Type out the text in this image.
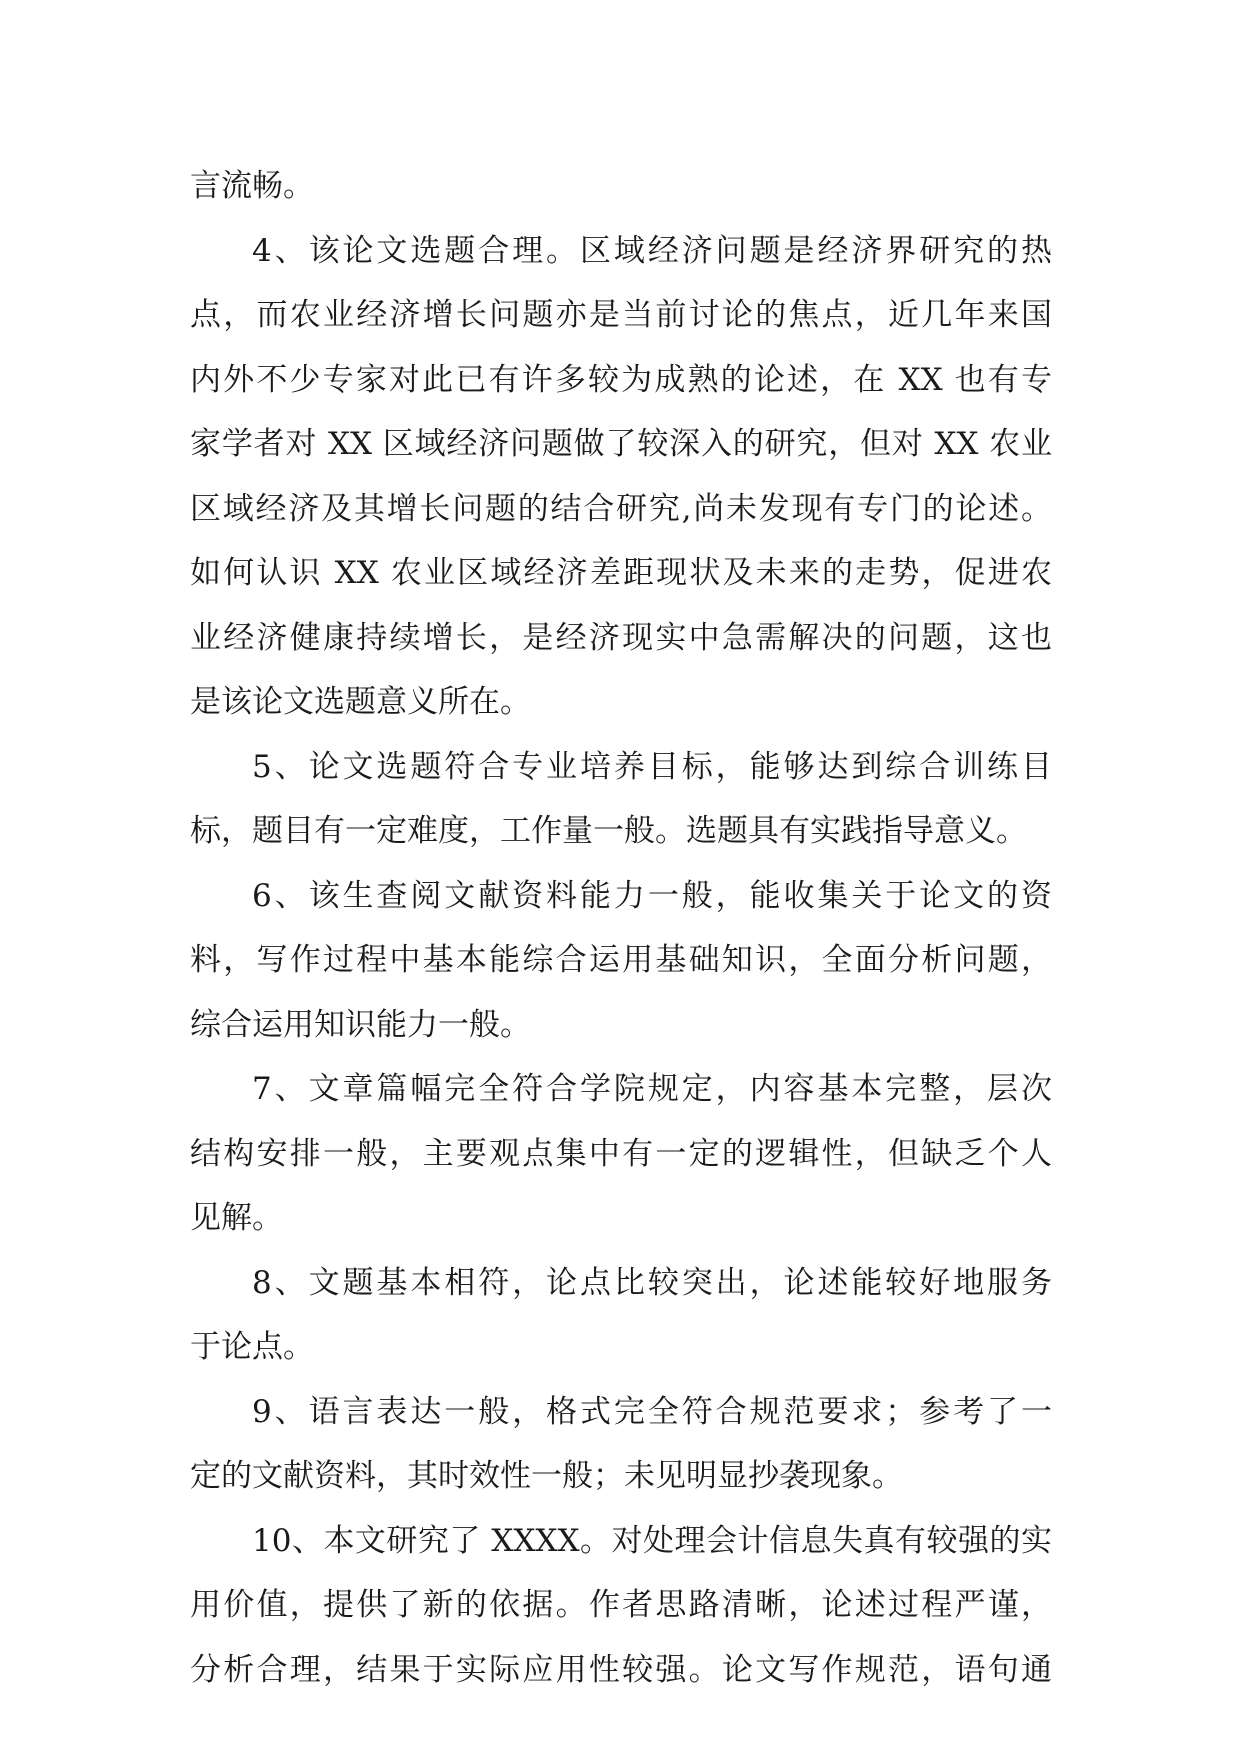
言流畅。
4、该论文选题合理。区域经济问题是经济界研究的热
点，而农业经济增长问题亦是当前讨论的焦点，近几年来国
内外不少专家对此已有许多较为成熟的论述，在 XX 也有专
家学者对 XX 区域经济问题做了较深入的研究，但对 XX 农业
区域经济及其增长问题的结合研究,尚未发现有专门的论述。
如何认识 XX 农业区域经济差距现状及未来的走势，促进农
业经济健康持续增长，是经济现实中急需解决的问题，这也
是该论文选题意义所在。
5、论文选题符合专业培养目标，能够达到综合训练目
标，题目有一定难度，工作量一般。选题具有实践指导意义。
6、该生查阅文献资料能力一般，能收集关于论文的资
料，写作过程中基本能综合运用基础知识，全面分析问题，
综合运用知识能力一般。
7、文章篇幅完全符合学院规定，内容基本完整，层次
结构安排一般，主要观点集中有一定的逻辑性，但缺乏个人
见解。
8、文题基本相符，论点比较突出，论述能较好地服务
于论点。
9、语言表达一般，格式完全符合规范要求；参考了一
定的文献资料，其时效性一般；未见明显抄袭现象。
10、本文研究了 XXXX。对处理会计信息失真有较强的实
用价值，提供了新的依据。作者思路清晰，论述过程严谨，
分析合理，结果于实际应用性较强。论文写作规范，语句通
